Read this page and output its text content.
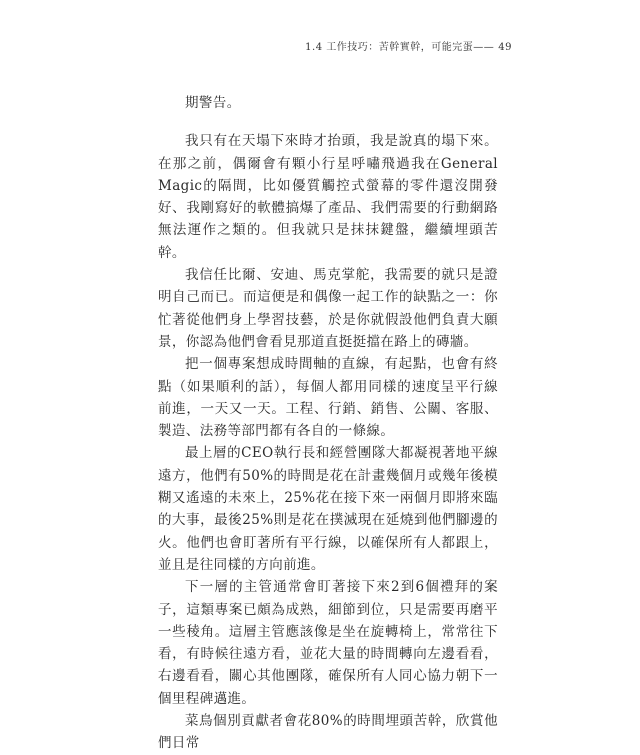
1.4 工作技巧：苦幹實幹，可能完蛋—— 49

期警告。

我只有在天塌下來時才抬頭，我是說真的塌下來。在那之前，偶爾會有顆小行星呼嘯飛過我在General Magic的隔間，比如優質觸控式螢幕的零件還沒開發好、我剛寫好的軟體搞爆了產品、我們需要的行動網路無法運作之類的。但我就只是抹抹鍵盤，繼續埋頭苦幹。

我信任比爾、安迪、馬克掌舵，我需要的就只是證明自己而已。而這便是和偶像一起工作的缺點之一：你忙著從他們身上學習技藝，於是你就假設他們負責大願景，你認為他們會看見那道直挺挺擋在路上的磚牆。

把一個專案想成時間軸的直線，有起點，也會有終點（如果順利的話），每個人都用同樣的速度呈平行線前進，一天又一天。工程、行銷、銷售、公關、客服、製造、法務等部門都有各自的一條線。

最上層的CEO執行長和經營團隊大都凝視著地平線遠方，他們有50%的時間是花在計畫幾個月或幾年後模糊又遙遠的未來上，25%花在接下來一兩個月即將來臨的大事，最後25%則是花在撲滅現在延燒到他們腳邊的火。他們也會盯著所有平行線，以確保所有人都跟上，並且是往同樣的方向前進。

下一層的主管通常會盯著接下來2到6個禮拜的案子，這類專案已頗為成熟，細節到位，只是需要再磨平一些稜角。這層主管應該像是坐在旋轉椅上，常常往下看，有時候往遠方看，並花大量的時間轉向左邊看看，右邊看看，關心其他團隊，確保所有人同心協力朝下一個里程碑邁進。

菜鳥個別貢獻者會花80%的時間埋頭苦幹，欣賞他們日常
